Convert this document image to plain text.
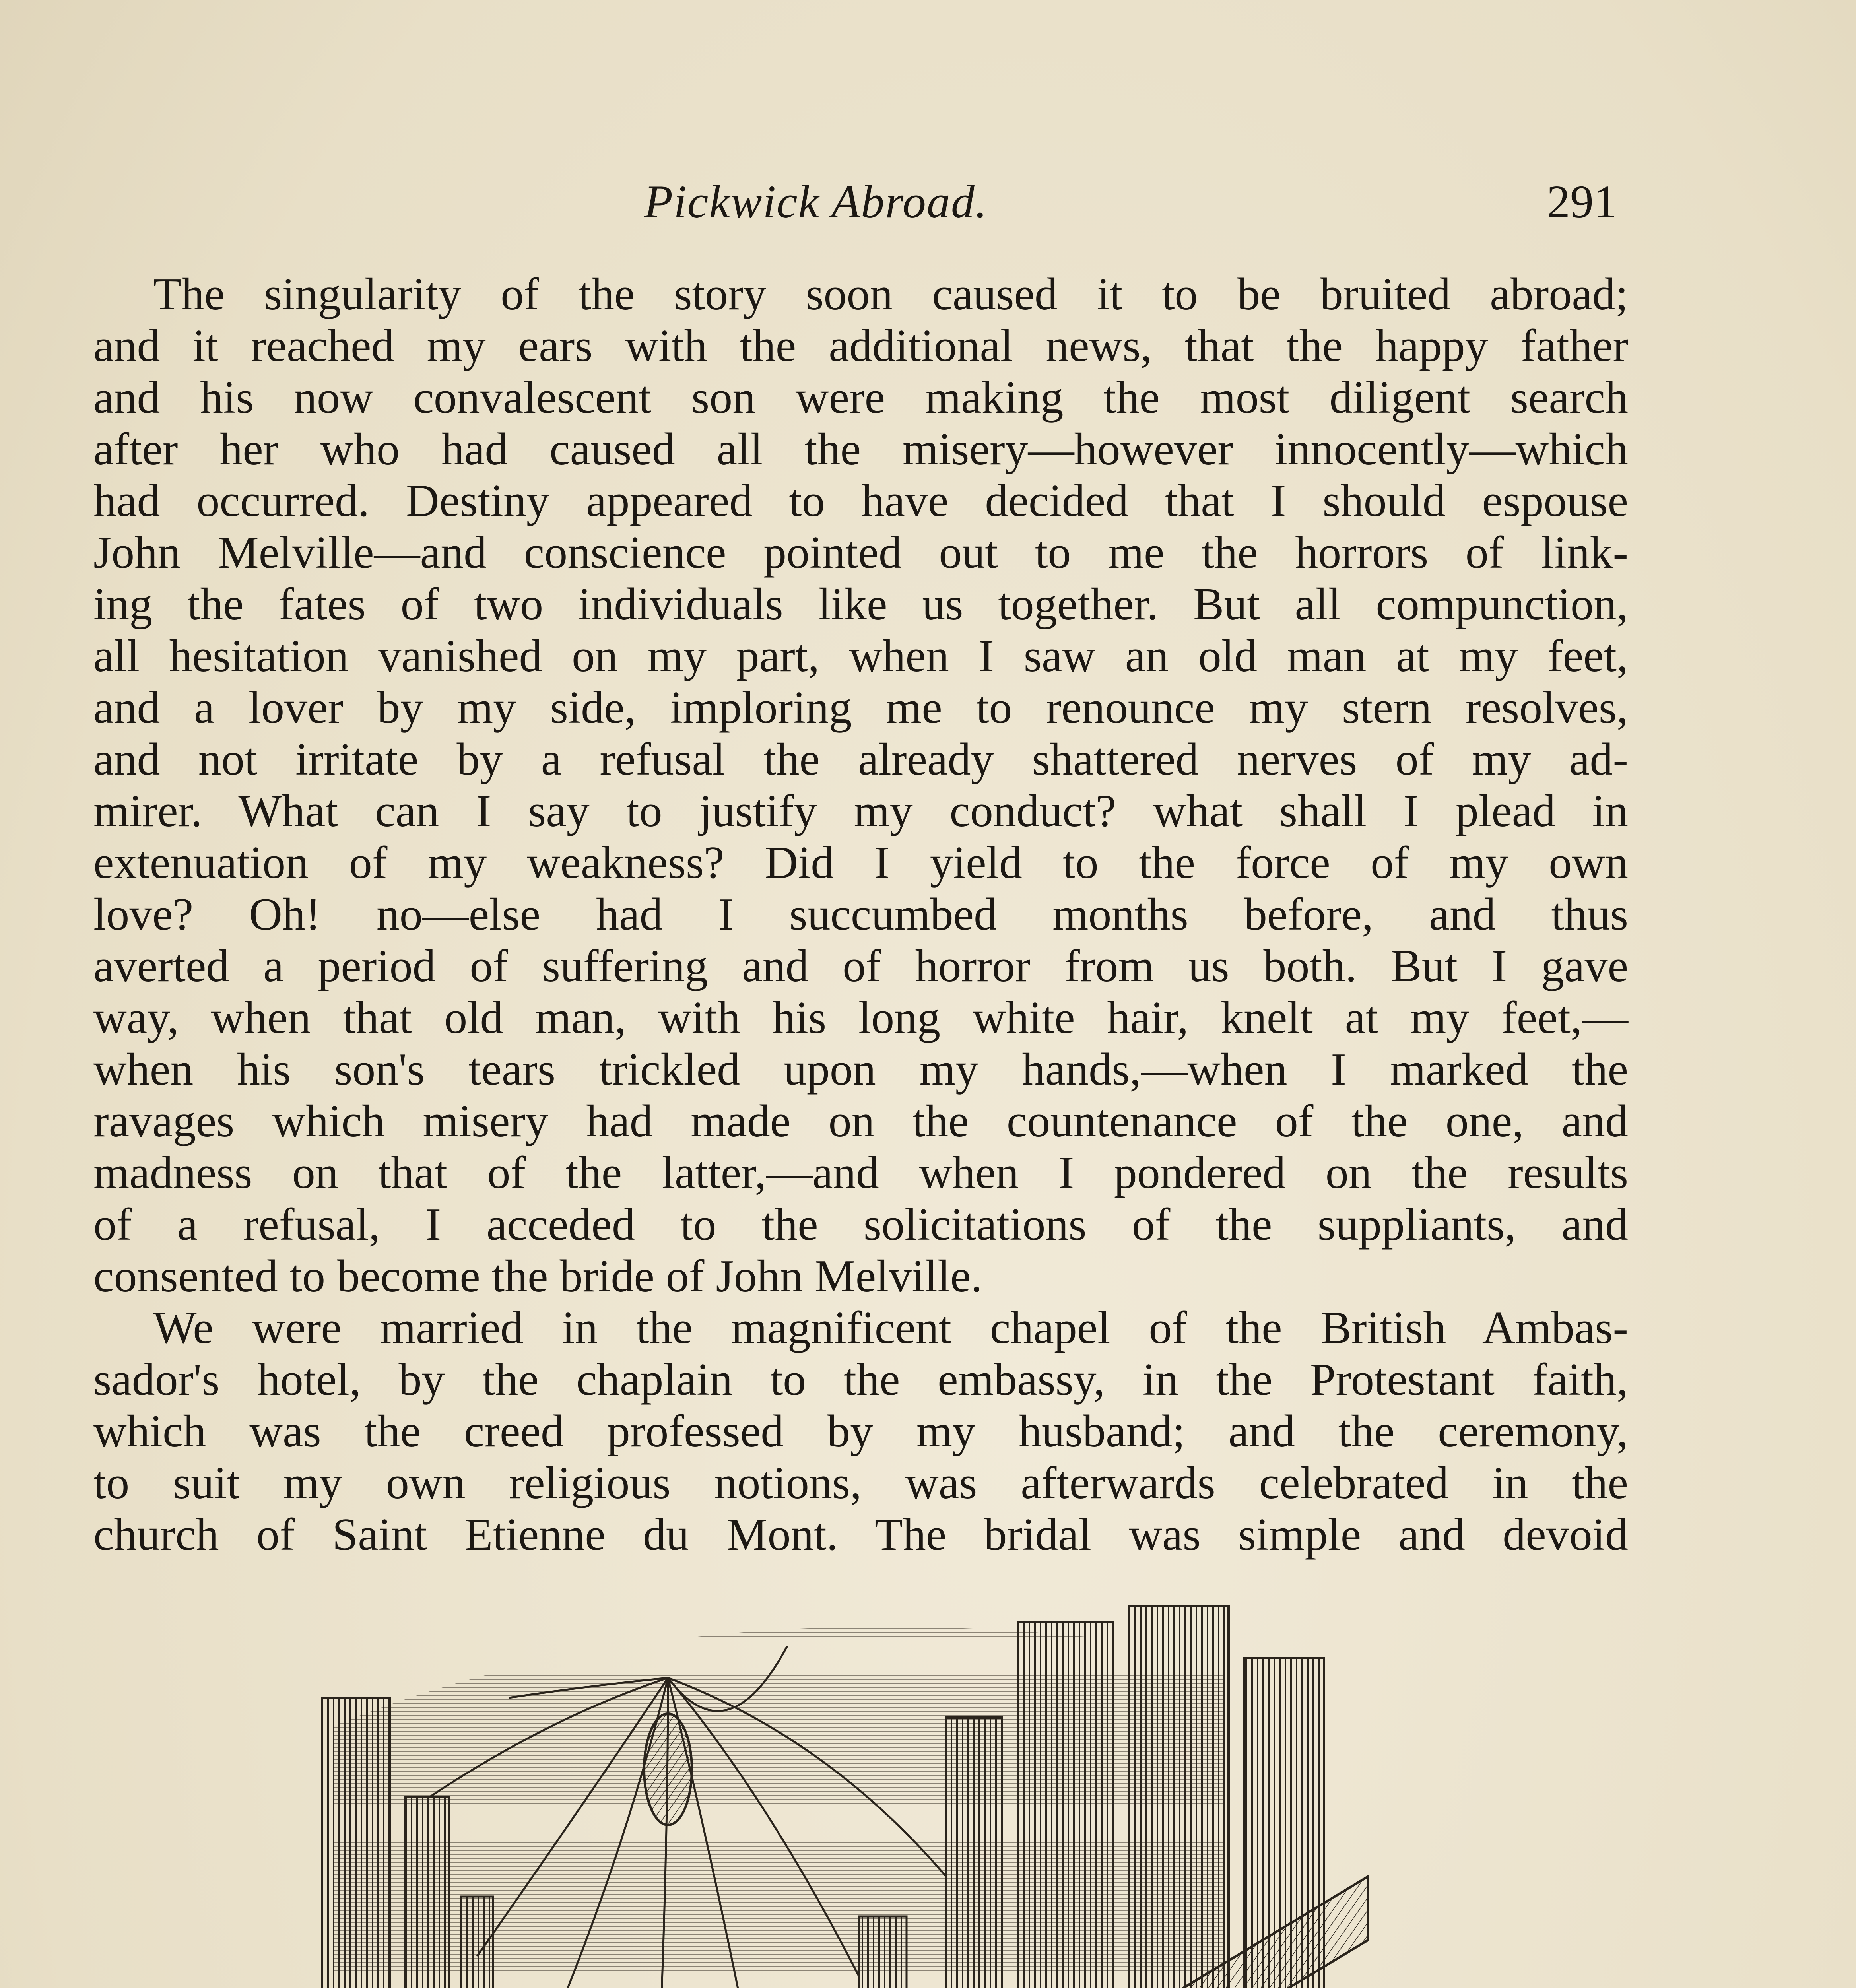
Pickwick Abroad.	291
The singularity of the story soon caused it to be bruited abroad;
and it reached my ears with the additional news, that the happy father
and his now convalescent son were making the most diligent search
after her who had caused all the misery—however innocently—which
had occurred. Destiny appeared to have decided that I should espouse
John Melville—and conscience pointed out to me the horrors of link-
ing the fates of two individuals like us together. But all compunction,
all hesitation vanished on my part, when I saw an old man at my feet,
and a lover by my side, imploring me to renounce my stern resolves,
and not irritate by a refusal the already shattered nerves of my ad-
mirer. What can I say to justify my conduct? what shall I plead in
extenuation of my weakness? Did I yield to the force of my own
love? Oh! no—else had I succumbed months before, and thus
averted a period of suffering and of horror from us both. But I gave
way, when that old man, with his long white hair, knelt at my feet,—
when his son's tears trickled upon my hands,—when I marked the
ravages which misery had made on the countenance of the one, and
madness on that of the latter,—and when I pondered on the results
of a refusal, I acceded to the solicitations of the suppliants, and
consented to become the bride of John Melville.
We were married in the magnificent chapel of the British Ambas-
sador's hotel, by the chaplain to the embassy, in the Protestant faith,
which was the creed professed by my husband; and the ceremony,
to suit my own religious notions, was afterwards celebrated in the
church of Saint Etienne du Mont. The bridal was simple and devoid
